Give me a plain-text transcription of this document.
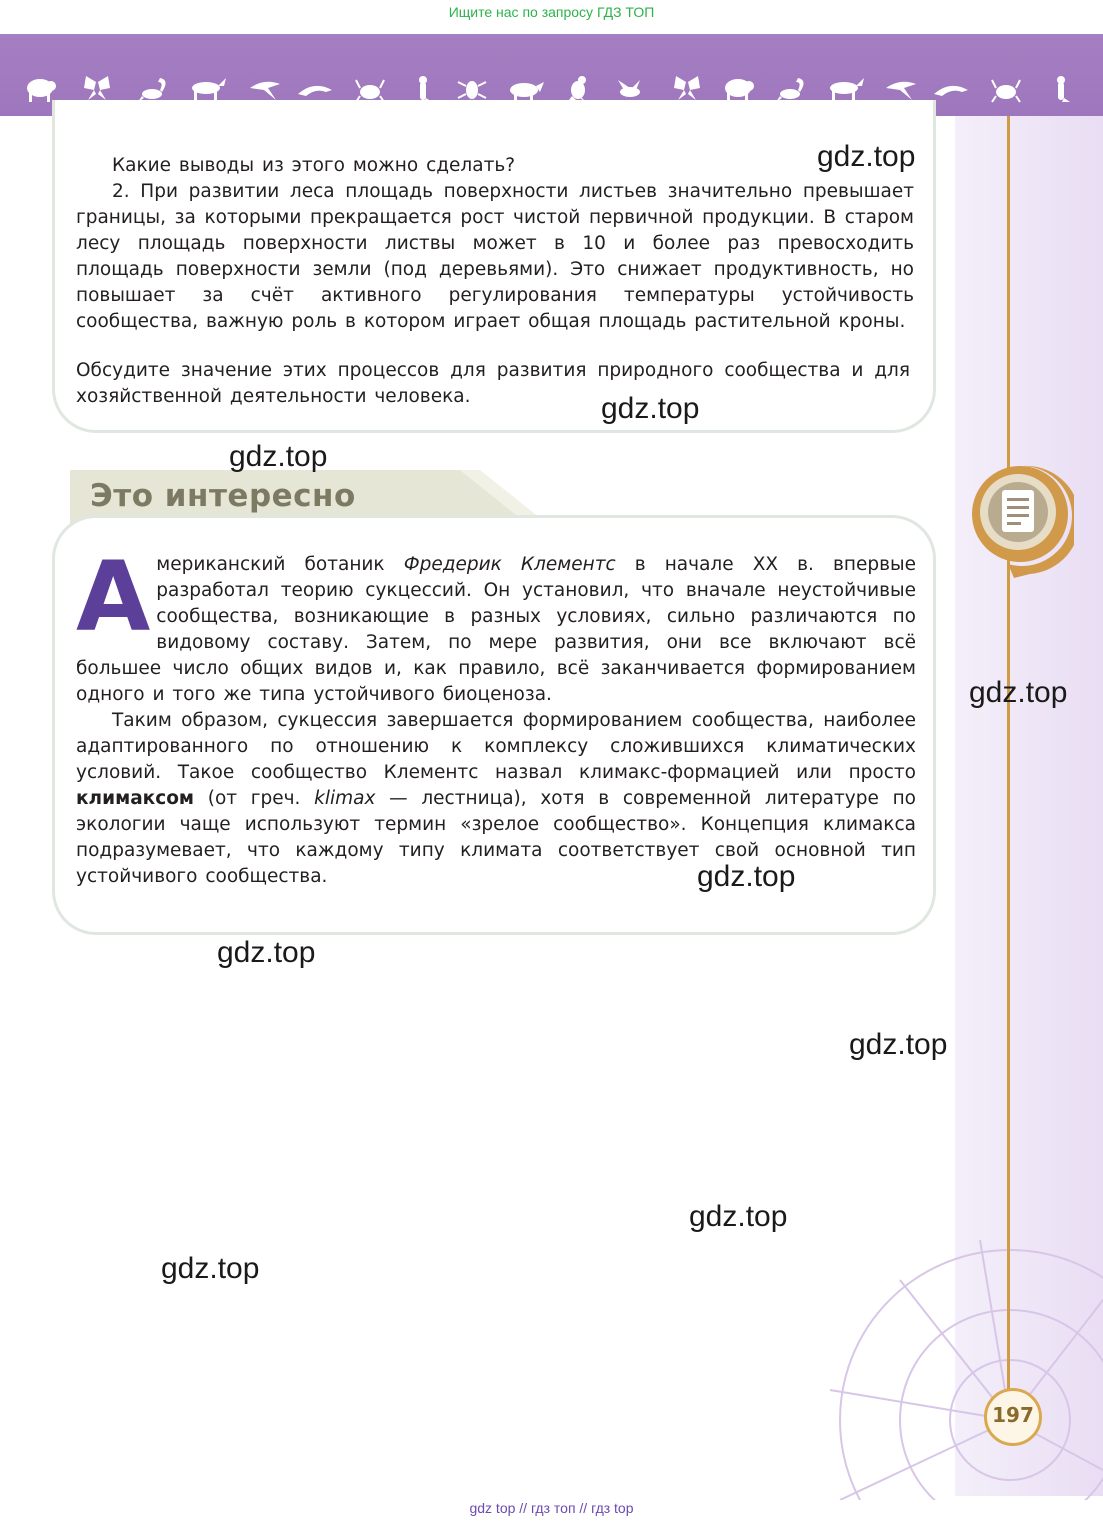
Ищите нас по запросу ГДЗ ТОП

Какие выводы из этого можно сделать?

2. При развитии леса площадь поверхности листьев значительно превышает границы, за которыми прекращается рост чистой первичной продукции. В старом лесу площадь поверхности листвы может в 10 и более раз превосходить площадь поверхности земли (под деревьями). Это снижает продуктивность, но повышает за счёт активного регулирования температуры устойчивость сообщества, важную роль в котором играет общая площадь растительной кроны.

Обсудите значение этих процессов для развития природного сообщества и для хозяйственной деятельности человека.

Это интересно
А мериканский ботаник Фредерик Клементс в начале XX в. впервые разработал теорию сукцессий. Он установил, что вначале неустойчивые сообщества, возникающие в разных условиях, сильно различаются по видовому составу. Затем, по мере развития, они все включают всё большее число общих видов и, как правило, всё заканчивается формированием одного и того же типа устойчивого биоценоза.

Таким образом, сукцессия завершается формированием сообщества, наиболее адаптированного по отношению к комплексу сложившихся климатических условий. Такое сообщество Клементс назвал климакс-формацией или просто климаксом (от греч. klimax — лестница), хотя в современной литературе по экологии чаще используют термин «зрелое сообщество». Концепция климакса подразумевает, что каждому типу климата соответствует свой основной тип устойчивого сообщества.

gdz.top
gdz.top
gdz.top
gdz.top
gdz.top
gdz.top
gdz.top
gdz.top
gdz.top
197
gdz top // гдз топ // гдз top
